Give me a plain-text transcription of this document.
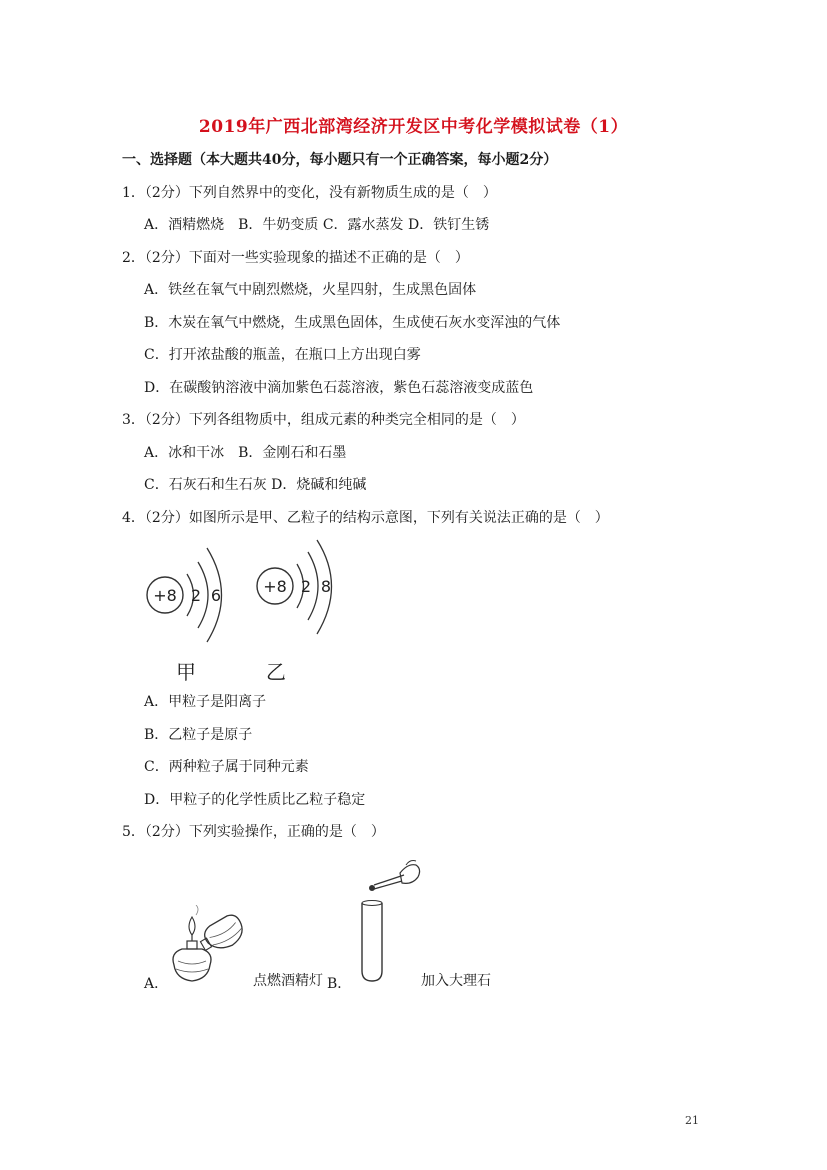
2019年广西北部湾经济开发区中考化学模拟试卷（1）
一、选择题（本大题共40分，每小题只有一个正确答案，每小题2分）
1．（2分）下列自然界中的变化，没有新物质生成的是（　）
A．酒精燃烧　B．牛奶变质 C．露水蒸发 D．铁钉生锈
2．（2分）下面对一些实验现象的描述不正确的是（　）
A．铁丝在氧气中剧烈燃烧，火星四射，生成黑色固体
B．木炭在氧气中燃烧，生成黑色固体，生成使石灰水变浑浊的气体
C．打开浓盐酸的瓶盖，在瓶口上方出现白雾
D．在碳酸钠溶液中滴加紫色石蕊溶液，紫色石蕊溶液变成蓝色
3．（2分）下列各组物质中，组成元素的种类完全相同的是（　）
A．冰和干冰　B．金刚石和石墨
C．石灰石和生石灰 D．烧碱和纯碱
4．（2分）如图所示是甲、乙粒子的结构示意图，下列有关说法正确的是（　）
+8 2 6	+8 2 8
甲	乙
A．甲粒子是阳离子
B．乙粒子是原子
C．两种粒子属于同种元素
D．甲粒子的化学性质比乙粒子稳定
5．（2分）下列实验操作，正确的是（　）
A．	点燃酒精灯 B．	加入大理石
21
